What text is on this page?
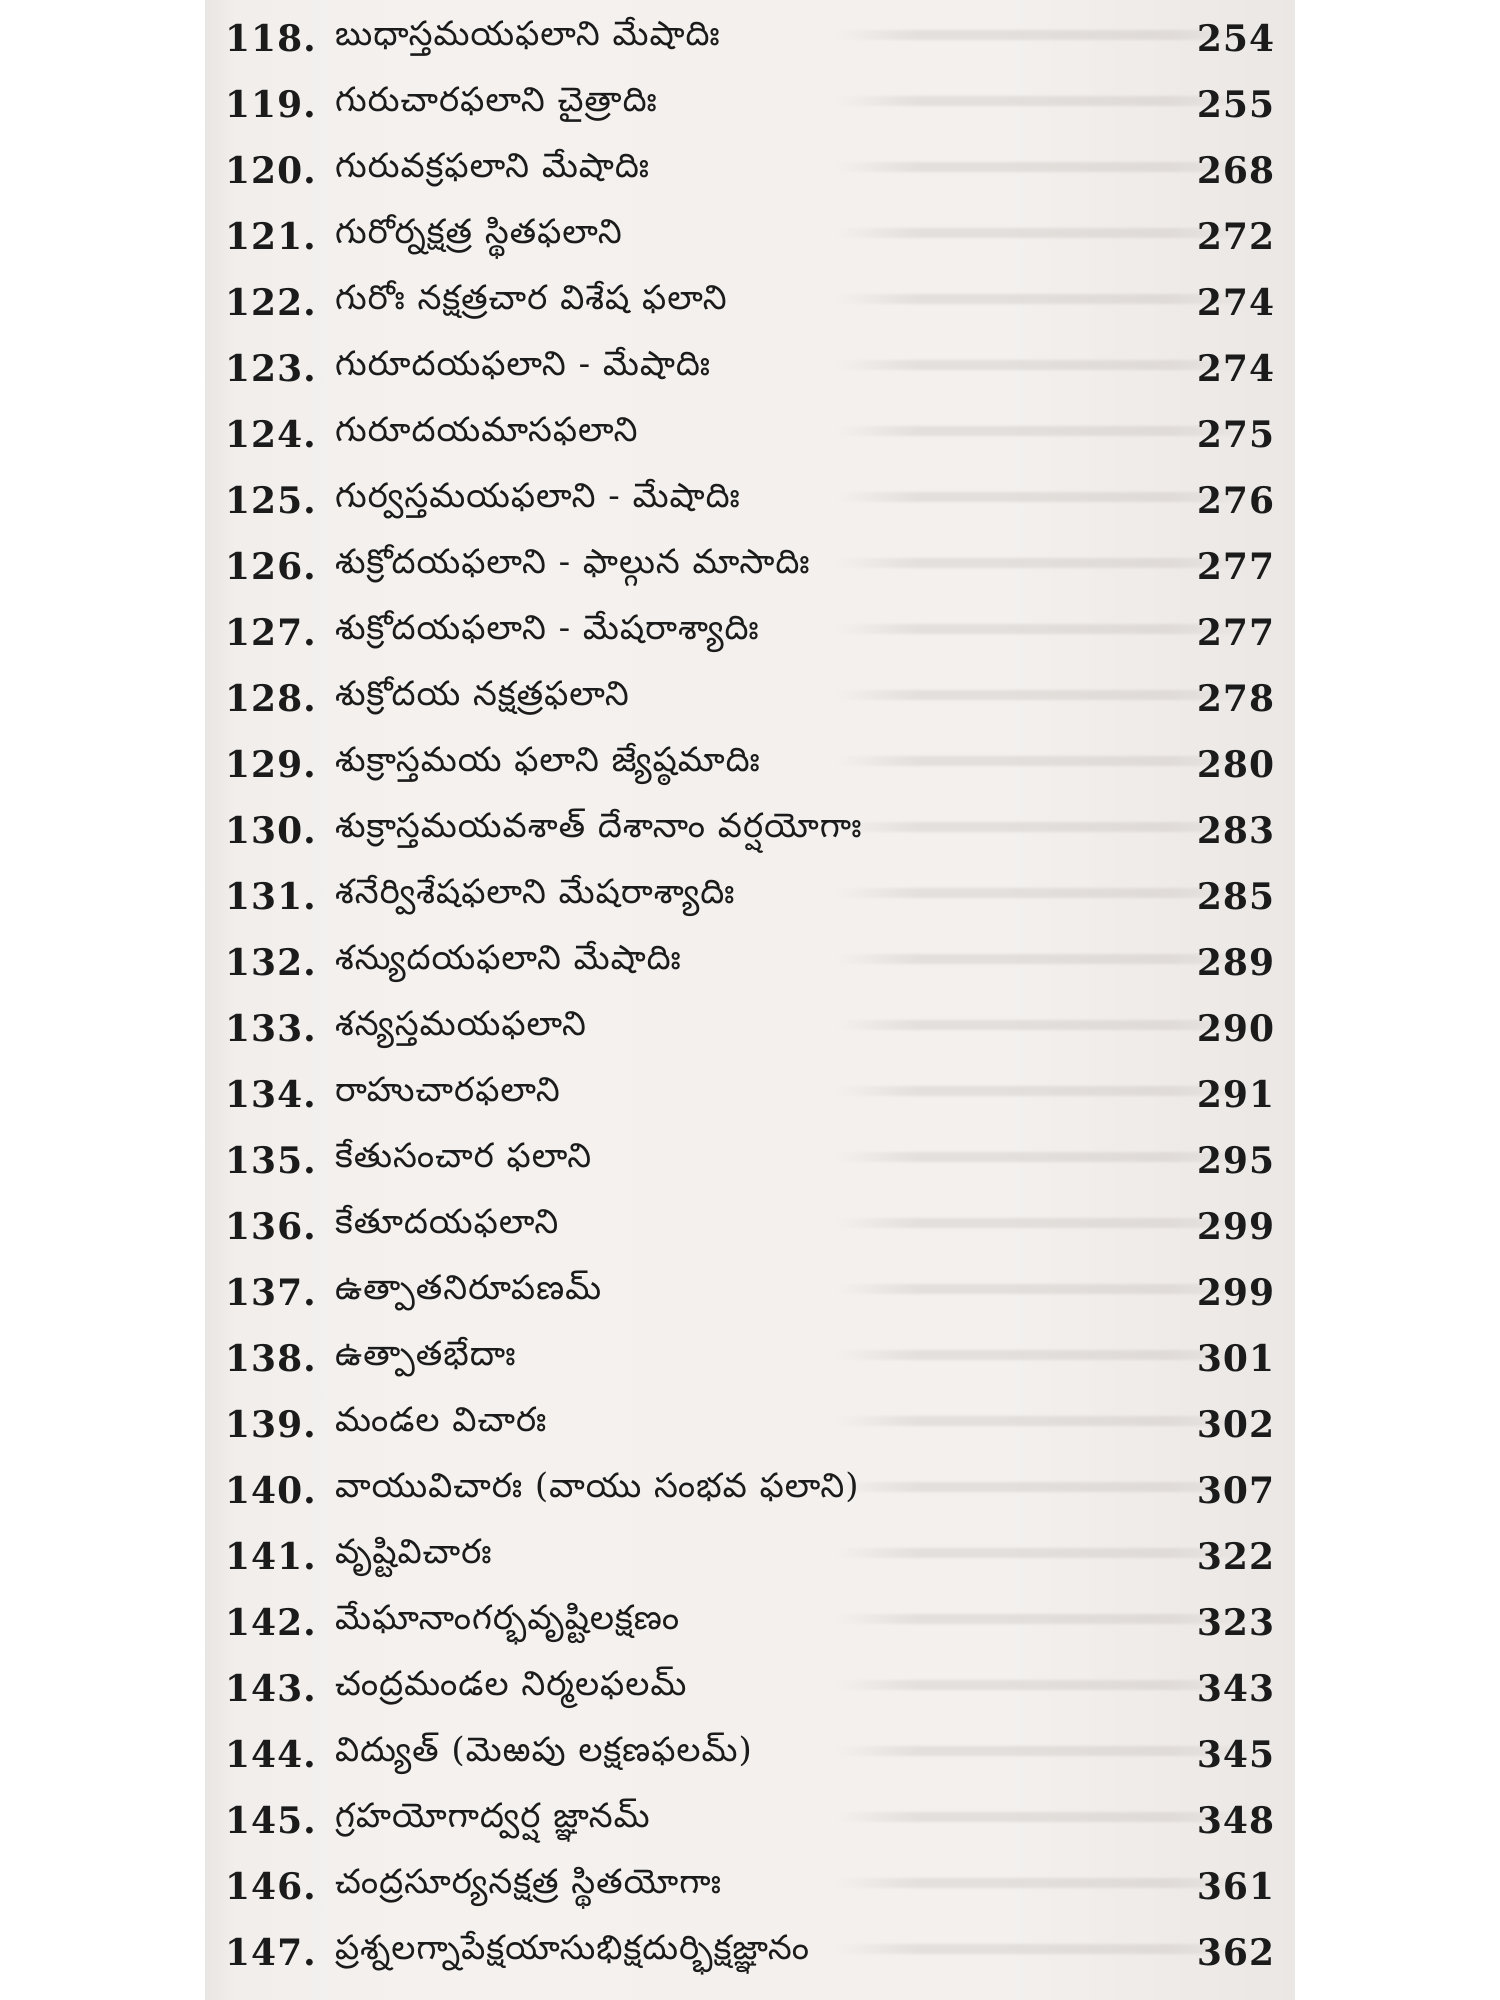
118. బుధాస్తమయఫలాని మేషాదిః	254
119. గురుచారఫలాని చైత్రాదిః	255
120. గురువక్రఫలాని మేషాదిః	268
121. గురోర్నక్షత్ర స్థితఫలాని	272
122. గురోః నక్షత్రచార విశేష ఫలాని	274
123. గురూదయఫలాని - మేషాదిః	274
124. గురూదయమాసఫలాని	275
125. గుర్వస్తమయఫలాని - మేషాదిః	276
126. శుక్రోదయఫలాని - ఫాల్గున మాసాదిః	277
127. శుక్రోదయఫలాని - మేషరాశ్యాదిః	277
128. శుక్రోదయ నక్షత్రఫలాని	278
129. శుక్రాస్తమయ ఫలాని జ్యేష్ఠమాదిః	280
130. శుక్రాస్తమయవశాత్ దేశానాం వర్షయోగాః	283
131. శనేర్విశేషఫలాని మేషరాశ్యాదిః	285
132. శన్యుదయఫలాని మేషాదిః	289
133. శన్యస్తమయఫలాని	290
134. రాహుచారఫలాని	291
135. కేతుసంచార ఫలాని	295
136. కేతూదయఫలాని	299
137. ఉత్పాతనిరూపణమ్	299
138. ఉత్పాతభేదాః	301
139. మండల విచారః	302
140. వాయువిచారః (వాయు సంభవ ఫలాని)	307
141. వృష్టివిచారః	322
142. మేఘానాంగర్భవృష్టిలక్షణం	323
143. చంద్రమండల నిర్మలఫలమ్	343
144. విద్యుత్ (మెఱపు లక్షణఫలమ్)	345
145. గ్రహయోగాద్వర్ష జ్ఞానమ్	348
146. చంద్రసూర్యనక్షత్ర స్థితయోగాః	361
147. ప్రశ్నలగ్నాపేక్షయాసుభిక్షదుర్భిక్షజ్ఞానం	362
